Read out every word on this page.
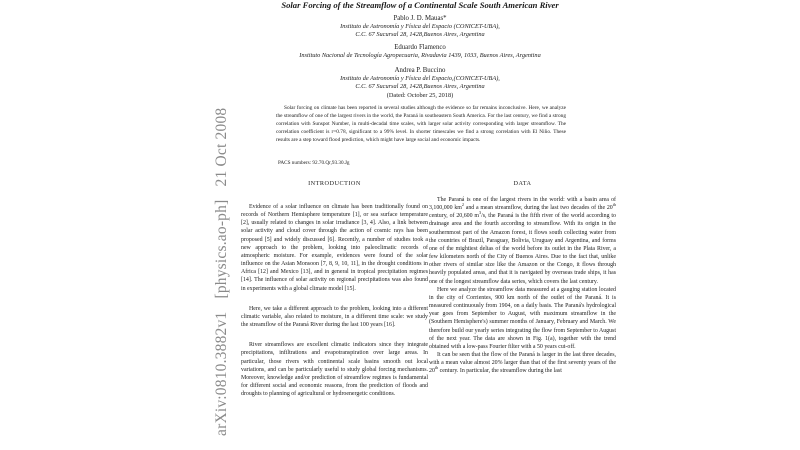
arXiv:0810.3882v1 [physics.ao-ph] 21 Oct 2008
Solar Forcing of the Streamflow of a Continental Scale South American River
Pablo J. D. Mauas*
Instituto de Astronomía y Física del Espacio (CONICET-UBA),
C.C. 67 Sucursal 28, 1428,Buenos Aires, Argentina
Eduardo Flamenco
Instituto Nacional de Tecnología Agropecuaria, Rivadavia 1439, 1033, Buenos Aires, Argentina
Andrea P. Buccino
Instituto de Astronomía y Física del Espacio,(CONICET-UBA),
C.C. 67 Sucursal 28, 1428,Buenos Aires, Argentina
(Dated: October 25, 2018)
Solar forcing on climate has been reported in several studies although the evidence so far remains inconclusive. Here, we analyze the streamflow of one of the largest rivers in the world, the Paraná in southeastern South America. For the last century, we find a strong correlation with Sunspot Number, in multi-decadal time scales, with larger solar activity corresponding with larger streamflow. The correlation coefficient is r=0.78, significant to a 99% level. In shorter timescales we find a strong correlation with El Niño. These results are a step toward flood prediction, which might have large social and economic impacts.
PACS numbers: 92.70.Qr,93.30.Jg
INTRODUCTION	DATA

Evidence of a solar influence on climate has been traditionally found on records of Northern Hemisphere temperature [1], or sea surface temperature [2], usually related to changes in solar irradiance [3, 4]. Also, a link between solar activity and cloud cover through the action of cosmic rays has been proposed [5] and widely discussed [6]. Recently, a number of studies took a new approach to the problem, looking into paleoclimatic records of atmospheric moisture. For example, evidences were found of the solar influence on the Asian Monsoon [7, 8, 9, 10, 11], in the drought conditions in Africa [12] and Mexico [13], and in general in tropical precipitation regimes [14]. The influence of solar activity on regional precipitations was also found in experiments with a global climate model [15].

Here, we take a different approach to the problem, looking into a different climatic variable, also related to moisture, in a different time scale: we study the streamflow of the Paraná River during the last 100 years [16].

River streamflows are excellent climatic indicators since they integrate precipitations, infiltrations and evapotranspiration over large areas. In particular, those rivers with continental scale basins smooth out local variations, and can be particularly useful to study global forcing mechanisms. Moreover, knowledge and/or prediction of streamflow regimes is fundamental for different social and economic reasons, from the prediction of floods and droughts to planning of agricultural or hydroenergetic conditions.

The Paraná is one of the largest rivers in the world: with a basin area of 3,100,000 $km^2$ and a mean streamflow, during the last two decades of the 20th century, of 20,600 $m^3/s$, the Paraná is the fifth river of the world according to drainage area and the fourth according to streamflow. With its origin in the southernmost part of the Amazon forest, it flows south collecting water from the countries of Brazil, Paraguay, Bolivia, Uruguay and Argentina, and forms one of the mightiest deltas of the world before its outlet in the Plata River, a few kilometers north of the City of Buenos Aires. Due to the fact that, unlike other rivers of similar size like the Amazon or the Congo, it flows through heavily populated areas, and that it is navigated by overseas trade ships, it has one of the longest streamflow data series, which covers the last century.

Here we analyze the streamflow data measured at a gauging station located in the city of Corrientes, 900 km north of the outlet of the Paraná. It is measured continuously from 1904, on a daily basis. The Paraná's hydrological year goes from September to August, with maximum streamflow in the (Southern Hemisphere's) summer months of January, February and March. We therefore build our yearly series integrating the flow from September to August of the next year. The data are shown in Fig. 1(a), together with the trend obtained with a low-pass Fourier filter with a 50 years cut-off.

It can be seen that the flow of the Paraná is larger in the last three decades, with a mean value almost 20% larger than that of the first seventy years of the 20th century. In particular, the streamflow during the last
